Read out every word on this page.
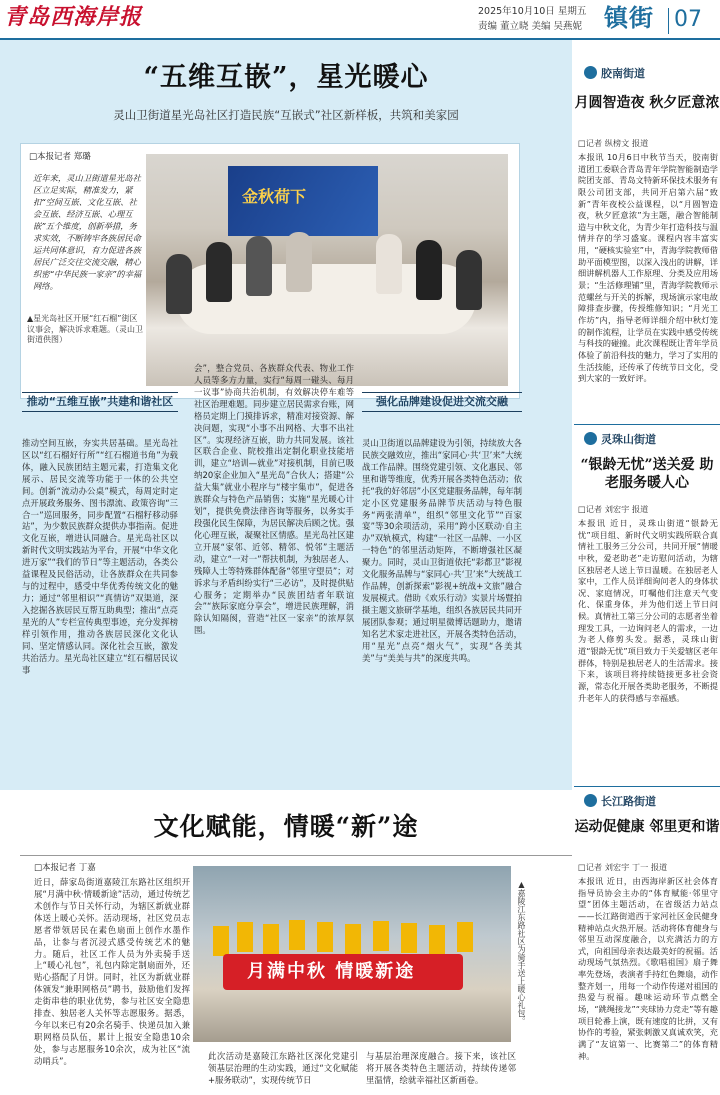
青岛西海岸报	2025年10月10日 星期五
责编 董立晓 美编 吴燕妮 镇街 07
“五维互嵌”，星光暖心
灵山卫街道星光岛社区打造民族“互嵌式”社区新样板，共筑和美家园
□本报记者 郑璐
近年来，灵山卫街道星光岛社区立足实际，精准发力，紧扣“空间互嵌、文化互嵌、社会互嵌、经济互嵌、心理互嵌”五个维度，创新举措，务求实效，不断铸牢各族居民命运共同体意识，有力促进各族居民广泛交往交流交融，精心织密“中华民族一家亲”的幸福网络。
金秋荷下
▲星光岛社区开展“红石榴”街区议事会，解决诉求难题。（灵山卫街道供图）
推动“五维互嵌”共建和谐社区
推动空间互嵌，夯实共居基础。星光岛社区以“红石榴好行所”“红石榴道书角”为载体，融入民族团结主题元素，打造集文化展示、居民交流等功能于一体的公共空间。创新“流动办公桌”模式，每周定时定点开展政务服务、图书漂流、政策咨询“三合一”巡回服务，同步配置“石榴籽移动驿站”，为少数民族群众提供办事指南。促进文化互嵌，增进认同融合。星光岛社区以新时代文明实践站为平台，开展“中华文化进万家”“我们的节日”等主题活动，各类公益课程及民俗活动，让各族群众在共同参与的过程中，感受中华优秀传统文化的魅力；通过“邻里相识”“真情访”双渠道，深入挖掘各族居民互帮互助典型；推出“点亮星光的人”专栏宣传典型事迹，充分发挥榜样引领作用，推动各族居民深化文化认同、坚定情感认同。深化社会互嵌，激发共治活力。星光岛社区建立“红石榴居民议事
会”，整合党员、各族群众代表、物业工作人员等多方力量，实行“每周一碰头、每月一议事”协商共治机制，有效解决停车难等社区治理难题。同步建立居民需求台账，网格员定期上门摸排诉求，精准对接资源、解决问题，实现“小事不出网格、大事不出社区”。实现经济互嵌，助力共同发展。该社区联合企业、院校推出定制化职业技能培训，建立“培训—就业”对接机制，目前已吸纳20家企业加入“星光岛”合伙人；搭建“公益大集”就业小程序与“楼宇集市”，促进各族群众与特色产品销售；实施“星光暖心计划”，提供免费法律咨询等服务，以务实手段强化民生保障，为居民解决后顾之忧。强化心理互嵌，凝聚社区情感。星光岛社区建立开展“家邻、近邻、精邻、悦邻”主题活动，建立“一对一”帮扶机制，为独居老人、残障人士等特殊群体配备“邻里守望员”；对诉求与矛盾纠纷实行“三必访”，及时提供贴心服务；定期举办“民族团结者年联谊会”“族际家庭分享会”，增进民族理解，消除认知隔阂，营造“社区一家亲”的浓厚氛围。
强化品牌建设促进交流交融
灵山卫街道以品牌建设为引领，持续放大各民族交融效应，推出“家同心·共‘卫’来”大统战工作品牌。围绕党建引领、文化惠民、邻里和谐等维度，优秀开展各类特色活动；依托“我的好邻居”小区党建服务品牌，每年制定小区党建服务品牌节庆活动与特色服务“两张清单”，组织“邻里文化节”“百家宴”等30余项活动，采用“跨小区联动·自主办”双轨模式，构建“一社区一品牌、一小区一特色”的邻里活动矩阵，不断增强社区凝聚力。同时，灵山卫街道依托“彩都卫”影视文化服务品牌与“家同心·共‘卫’来”大统战工作品牌，创新探索“影视+统战+文旅”融合发展模式。借助《欢乐行动》实景片场暨拍摄主题文旅研学基地，组织各族居民共同开展团队参观；通过明星微博话题助力，邀请知名艺术家走进社区，开展各类特色活动，用“星光”点亮“烟火气”，实现“各美其美”与“美美与共”的深度共鸣。
胶南街道
月圆智造夜 秋夕匠意浓
□记者 纵榜文 报道
本报讯 10月6日中秋节当天，胶南街道团工委联合青岛青年学院智能制造学院团支部、青岛文特新环保技术服务有限公司团支部，共同开启第六届“致新”青年夜校公益课程，以“月圆智造夜，秋夕匠意浓”为主题，融合智能制造与中秋文化，为青少年打造科技与温情并存的学习盛宴。课程内容丰富实用，“硬核实验室”中，青海学院教师借助平面模型图，以深入浅出的讲解，详细讲解机器人工作原理、分类及应用场景；“生活修理铺”里，青海学院教师示范螺丝与开关的拆解，现场演示家电故障排查步骤，传授维修知识；“月光工作坊”内，指导老师详细介绍中秋灯笼的制作流程，让学员在实践中感受传统与科技的碰撞。此次课程既让青年学员体验了前沿科技的魅力，学习了实用的生活技能，还传承了传统节日文化，受到大家的一致好评。
灵珠山街道
“银龄无忧”送关爱 助老服务暖人心
□记者 刘宏宇 报道
本报讯 近日，灵珠山街道“银龄无忧”项目组、新时代文明实践所联合真情社工服务三分公司，共同开展“情暖中秋，爱老助老”走访慰问活动，为辖区独居老人送上节日温暖。在独居老人家中，工作人员详细询问老人的身体状况、家庭情况，叮嘱他们注意天气变化、保重身体，并为他们送上节日问候。真情社工第三分公司的志愿者坐着理发工具，一边询问老人的需求，一边为老人修剪头发。据悉，灵珠山街道“银龄无忧”项目致力于关爱辖区老年群体，特别是独居老人的生活需求。接下来，该项目将持续链接更多社会资源，常态化开展各类助老服务，不断提升老年人的获得感与幸福感。
长江路街道
运动促健康 邻里更和谐
□记者 刘宏宇 丁一 报道
本报讯 近日，由西海岸新区社会体育指导员协会主办的“体育赋能·邻里守望”团体主题活动，在省级活力站点——长江路街道西于家河社区金民健身精神站点火热开展。活动将体育健身与邻里互动深度融合，以充满活力的方式，向祖国母亲表达最美好的祝福。活动现场气氛热烈。《歌唱祖国》扇子舞率先登场，表演者手持红色舞扇，动作整齐划一，用每一个动作传递对祖国的热爱与祝福。趣味运动环节点燃全场，“跳绳接龙”“夹球协力竞走”等有趣项目轮番上演，既有速度的比拼，又有协作的考验，紧张刺激又真诚欢笑，充满了“友谊第一、比赛第二”的体育精神。
文化赋能，情暖“新”途
□本报记者 丁嘉
近日，薛家岛街道嘉陵江东路社区组织开展“月满中秋·情暖新途”活动，通过传统艺术创作与节日关怀行动，为辖区新就业群体送上暖心关怀。活动现场，社区党员志愿者带领居民在素色扇面上创作水墨作品，让参与者沉浸式感受传统艺术的魅力。随后，社区工作人员为外卖骑手送上“暖心礼包”，礼包内除定制扇面外，还贴心搭配了月饼。同时，社区为新就业群体颁发“兼职网格员”聘书，鼓励他们发挥走街串巷的职业优势，参与社区安全隐患排查、独居老人关怀等志愿服务。据悉，今年以来已有20余名骑手、快递员加入兼职网格员队伍，累计上报安全隐患10余处，参与志愿服务10余次，成为社区“流动哨兵”。
月满中秋 情暖新途	▲嘉陵江东路社区为骑手送上暖心礼包。
此次活动是嘉陵江东路社区深化党建引领基层治理的生动实践，通过“文化赋能+服务联动”，实现传统节日
与基层治理深度融合。接下来，该社区将开展各类特色主题活动，持续传递邻里温情，绘就幸福社区新画卷。
